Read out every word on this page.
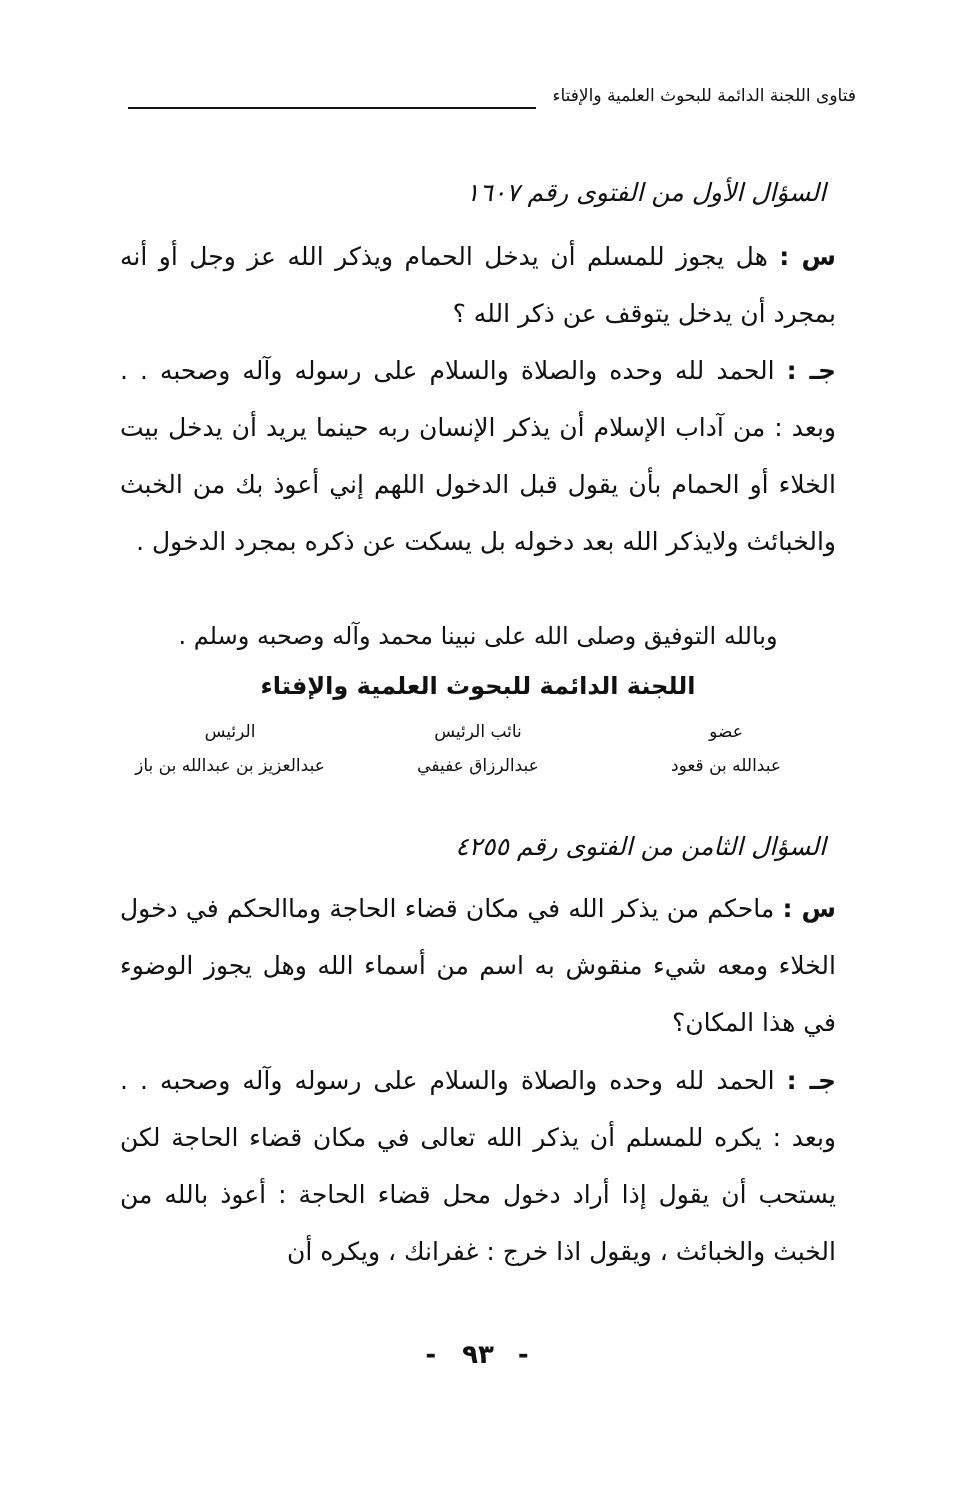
فتاوى اللجنة الدائمة للبحوث العلمية والإفتاء
السؤال الأول من الفتوى رقم ١٦٠٧

س : هل يجوز للمسلم أن يدخل الحمام ويذكر الله عز وجل أو أنه بمجرد أن يدخل يتوقف عن ذكر الله ؟

جـ : الحمد لله وحده والصلاة والسلام على رسوله وآله وصحبه . . وبعد : من آداب الإسلام أن يذكر الإنسان ربه حينما يريد أن يدخل بيت الخلاء أو الحمام بأن يقول قبل الدخول اللهم إني أعوذ بك من الخبث والخبائث ولايذكر الله بعد دخوله بل يسكت عن ذكره بمجرد الدخول .

وبالله التوفيق وصلى الله على نبينا محمد وآله وصحبه وسلم .
اللجنة الدائمة للبحوث العلمية والإفتاء
الرئيس
عبدالعزيز بن عبدالله بن باز
نائب الرئيس
عبدالرزاق عفيفي
عضو
عبدالله بن قعود
السؤال الثامن من الفتوى رقم ٤٢٥٥

س : ماحكم من يذكر الله في مكان قضاء الحاجة وماالحكم في دخول الخلاء ومعه شيء منقوش به اسم من أسماء الله وهل يجوز الوضوء في هذا المكان؟

جـ : الحمد لله وحده والصلاة والسلام على رسوله وآله وصحبه . . وبعد : يكره للمسلم أن يذكر الله تعالى في مكان قضاء الحاجة لكن يستحب أن يقول إذا أراد دخول محل قضاء الحاجة : أعوذ بالله من الخبث والخبائث ، ويقول اذا خرج : غفرانك ، ويكره أن

- ٩٣ -
